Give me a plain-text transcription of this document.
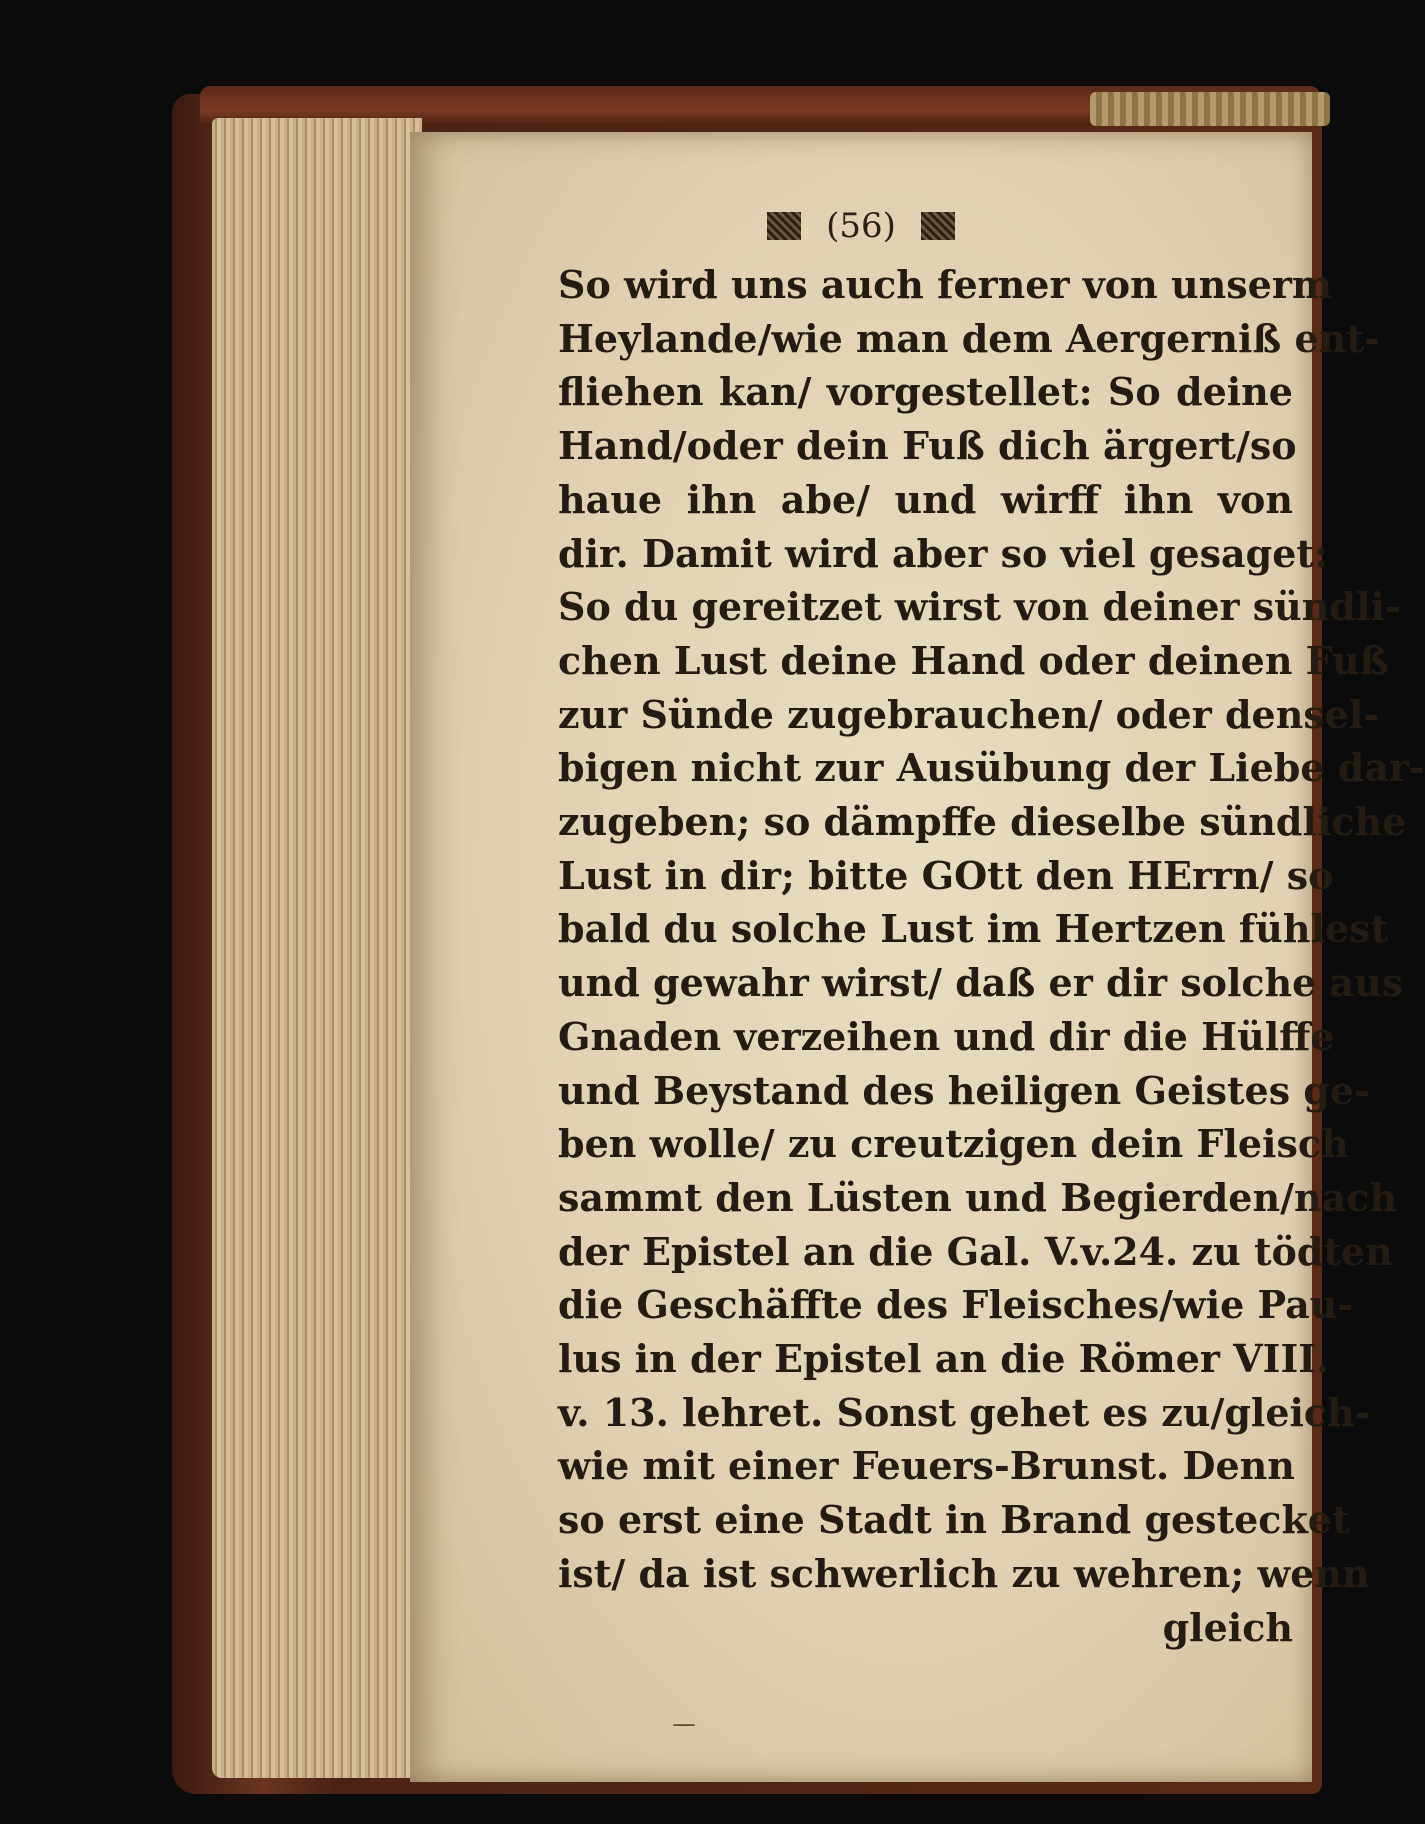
(56)
So wird uns auch ferner von unserm
Heylande/wie man dem Aergerniß ent-
fliehen kan/ vorgestellet: So deine
Hand/oder dein Fuß dich ärgert/so
haue ihn abe/ und wirff ihn von
dir. Damit wird aber so viel gesaget:
So du gereitzet wirst von deiner sündli-
chen Lust deine Hand oder deinen Fuß
zur Sünde zugebrauchen/ oder densel-
bigen nicht zur Ausübung der Liebe dar-
zugeben; so dämpffe dieselbe sündliche
Lust in dir; bitte GOtt den HErrn/ so
bald du solche Lust im Hertzen fühlest
und gewahr wirst/ daß er dir solche aus
Gnaden verzeihen und dir die Hülffe
und Beystand des heiligen Geistes ge-
ben wolle/ zu creutzigen dein Fleisch
sammt den Lüsten und Begierden/nach
der Epistel an die Gal. V.v.24. zu tödten
die Geschäffte des Fleisches/wie Pau-
lus in der Epistel an die Römer VIII.
v. 13. lehret. Sonst gehet es zu/gleich-
wie mit einer Feuers-Brunst. Denn
so erst eine Stadt in Brand gestecket
ist/ da ist schwerlich zu wehren; wenn
gleich
—
